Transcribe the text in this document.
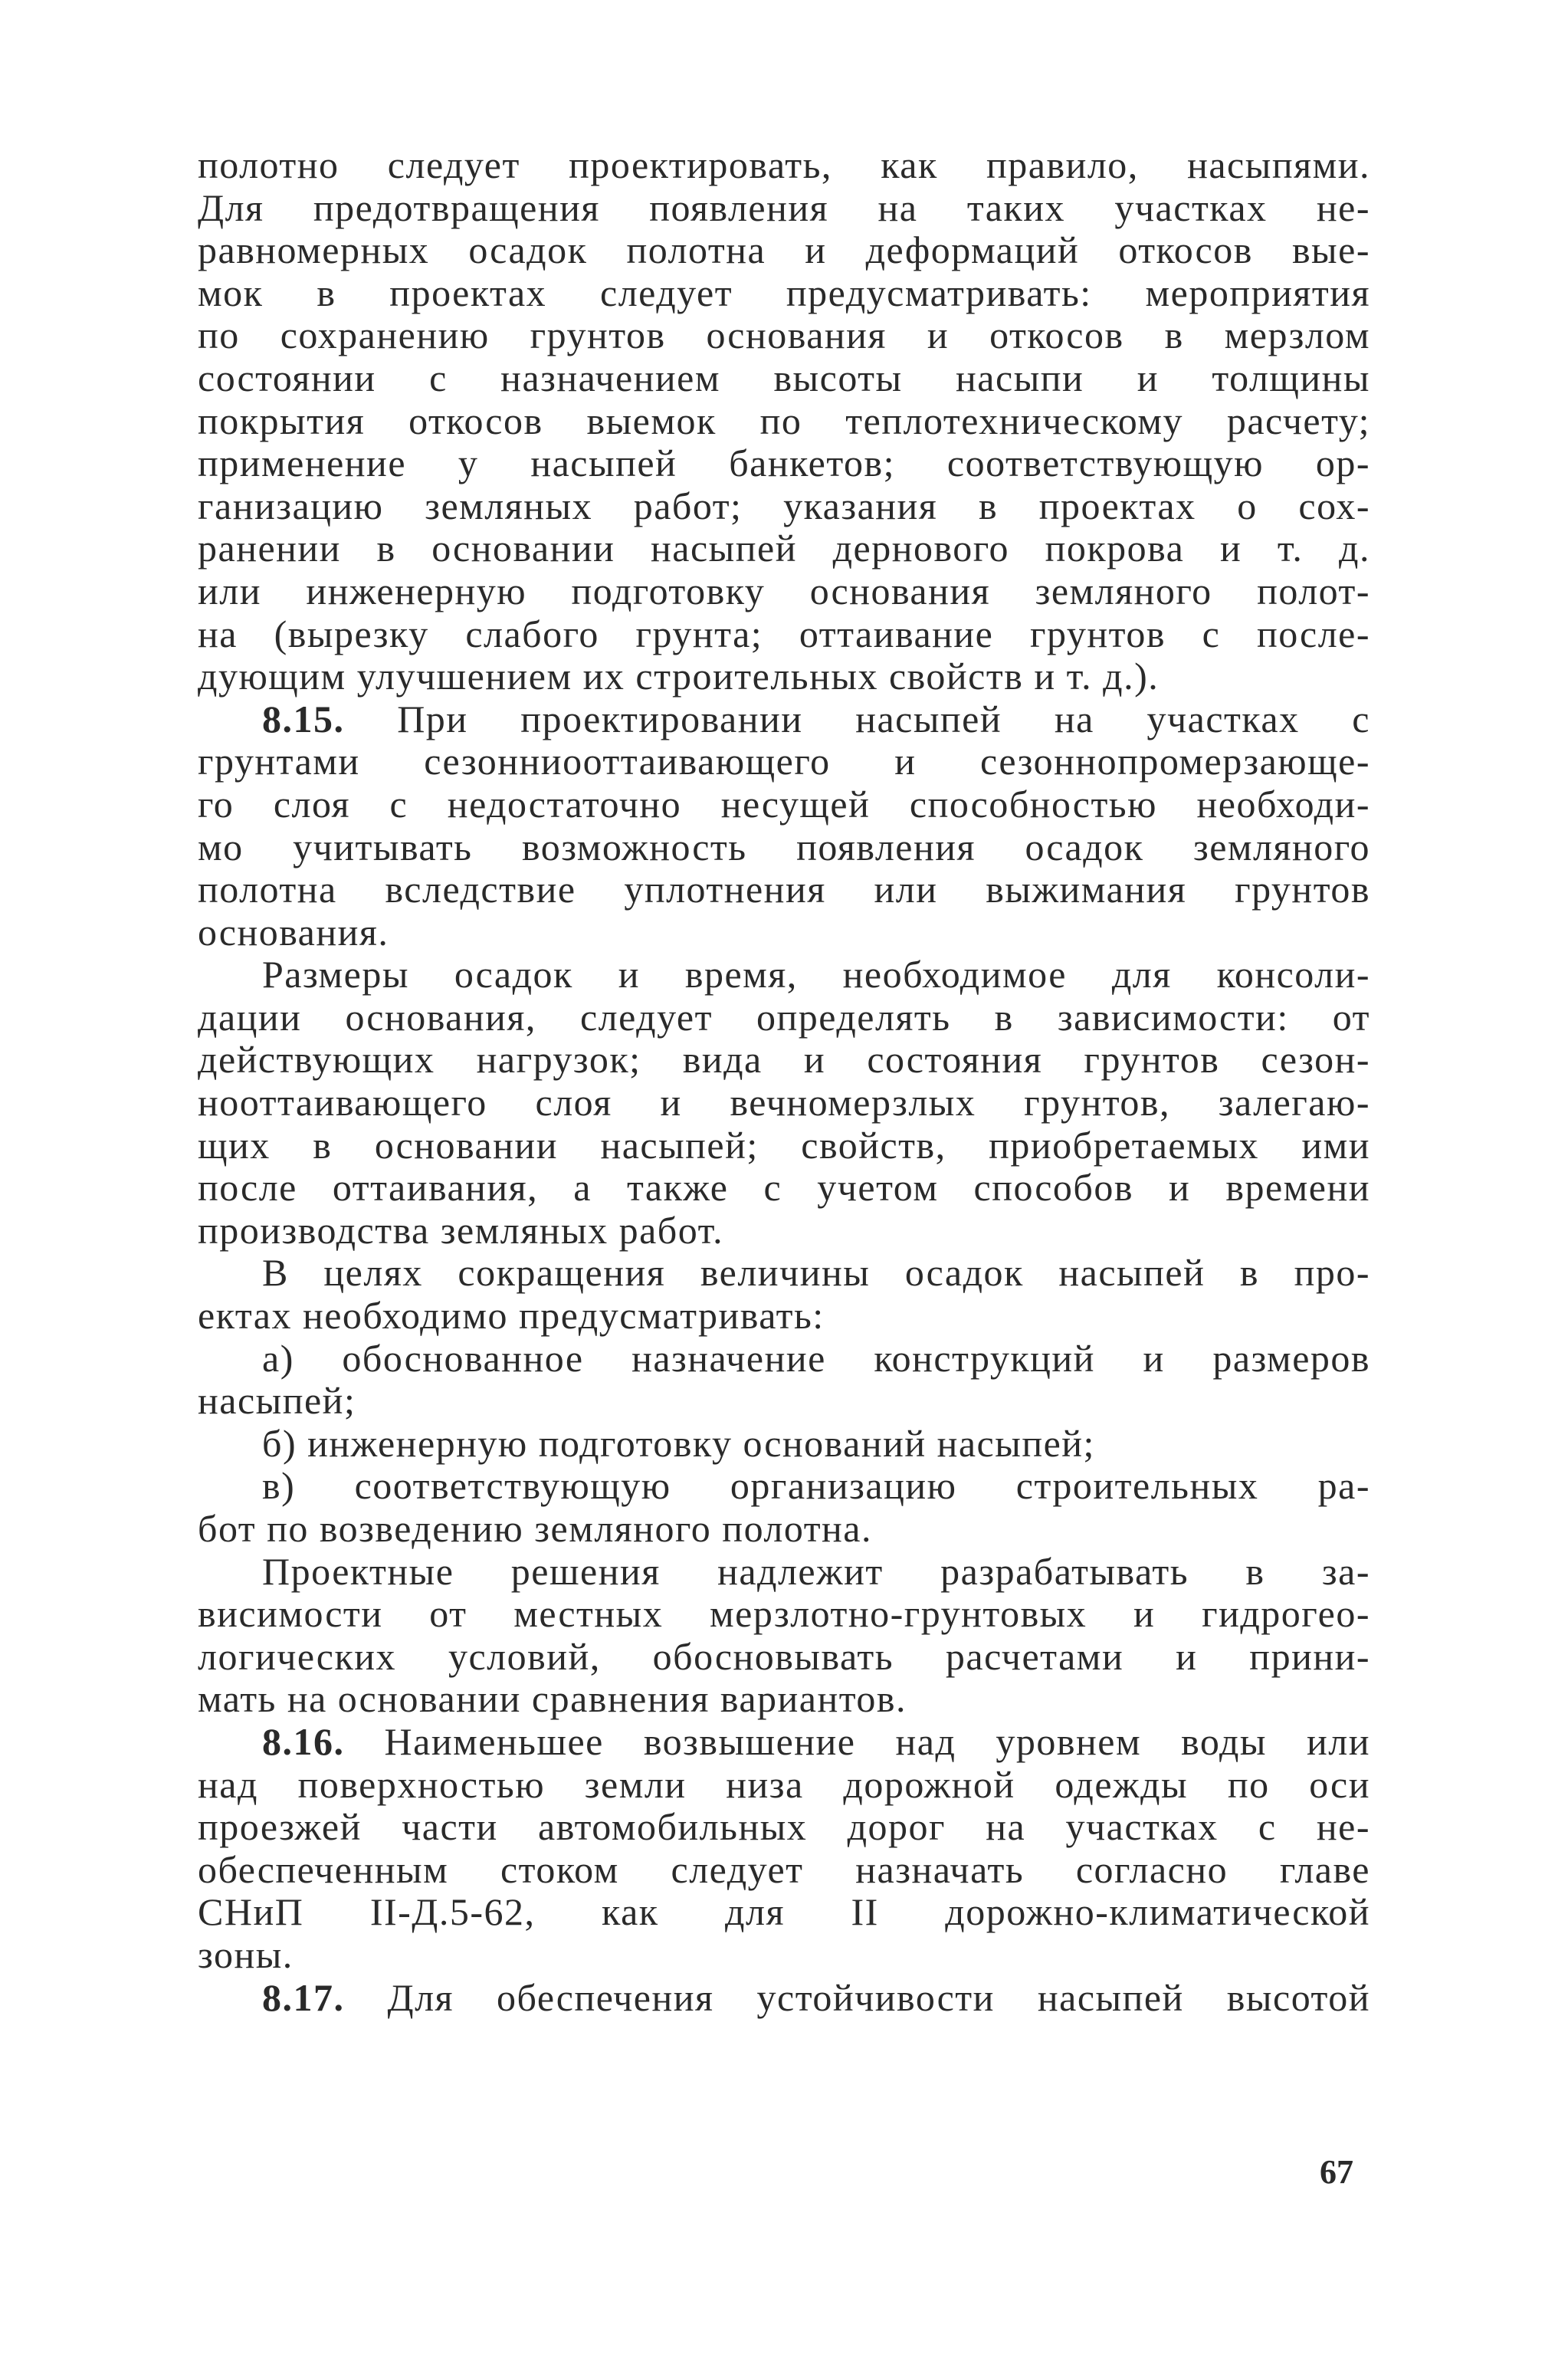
полотно следует проектировать, как правило, насыпями.
Для предотвращения появления на таких участках не-
равномерных осадок полотна и деформаций откосов вые-
мок в проектах следует предусматривать: мероприятия
по сохранению грунтов основания и откосов в мерзлом
состоянии с назначением высоты насыпи и толщины
покрытия откосов выемок по теплотехническому расчету;
применение у насыпей банкетов; соответствующую ор-
ганизацию земляных работ; указания в проектах о сох-
ранении в основании насыпей дернового покрова и т. д.
или инженерную подготовку основания земляного полот-
на (вырезку слабого грунта; оттаивание грунтов с после-
дующим улучшением их строительных свойств и т. д.).
8.15. При проектировании насыпей на участках с
грунтами сезонниооттаивающего и сезоннопромерзающе-
го слоя с недостаточно несущей способностью необходи-
мо учитывать возможность появления осадок земляного
полотна вследствие уплотнения или выжимания грунтов
основания.
Размеры осадок и время, необходимое для консоли-
дации основания, следует определять в зависимости: от
действующих нагрузок; вида и состояния грунтов сезон-
нооттаивающего слоя и вечномерзлых грунтов, залегаю-
щих в основании насыпей; свойств, приобретаемых ими
после оттаивания, а также с учетом способов и времени
производства земляных работ.
В целях сокращения величины осадок насыпей в про-
ектах необходимо предусматривать:
а) обоснованное назначение конструкций и размеров
насыпей;
б) инженерную подготовку оснований насыпей;
в) соответствующую организацию строительных ра-
бот по возведению земляного полотна.
Проектные решения надлежит разрабатывать в за-
висимости от местных мерзлотно-грунтовых и гидрогео-
логических условий, обосновывать расчетами и прини-
мать на основании сравнения вариантов.
8.16. Наименьшее возвышение над уровнем воды или
над поверхностью земли низа дорожной одежды по оси
проезжей части автомобильных дорог на участках с не-
обеспеченным стоком следует назначать согласно главе
СНиП II-Д.5-62, как для II дорожно-климатической
зоны.
8.17. Для обеспечения устойчивости насыпей высотой
67
